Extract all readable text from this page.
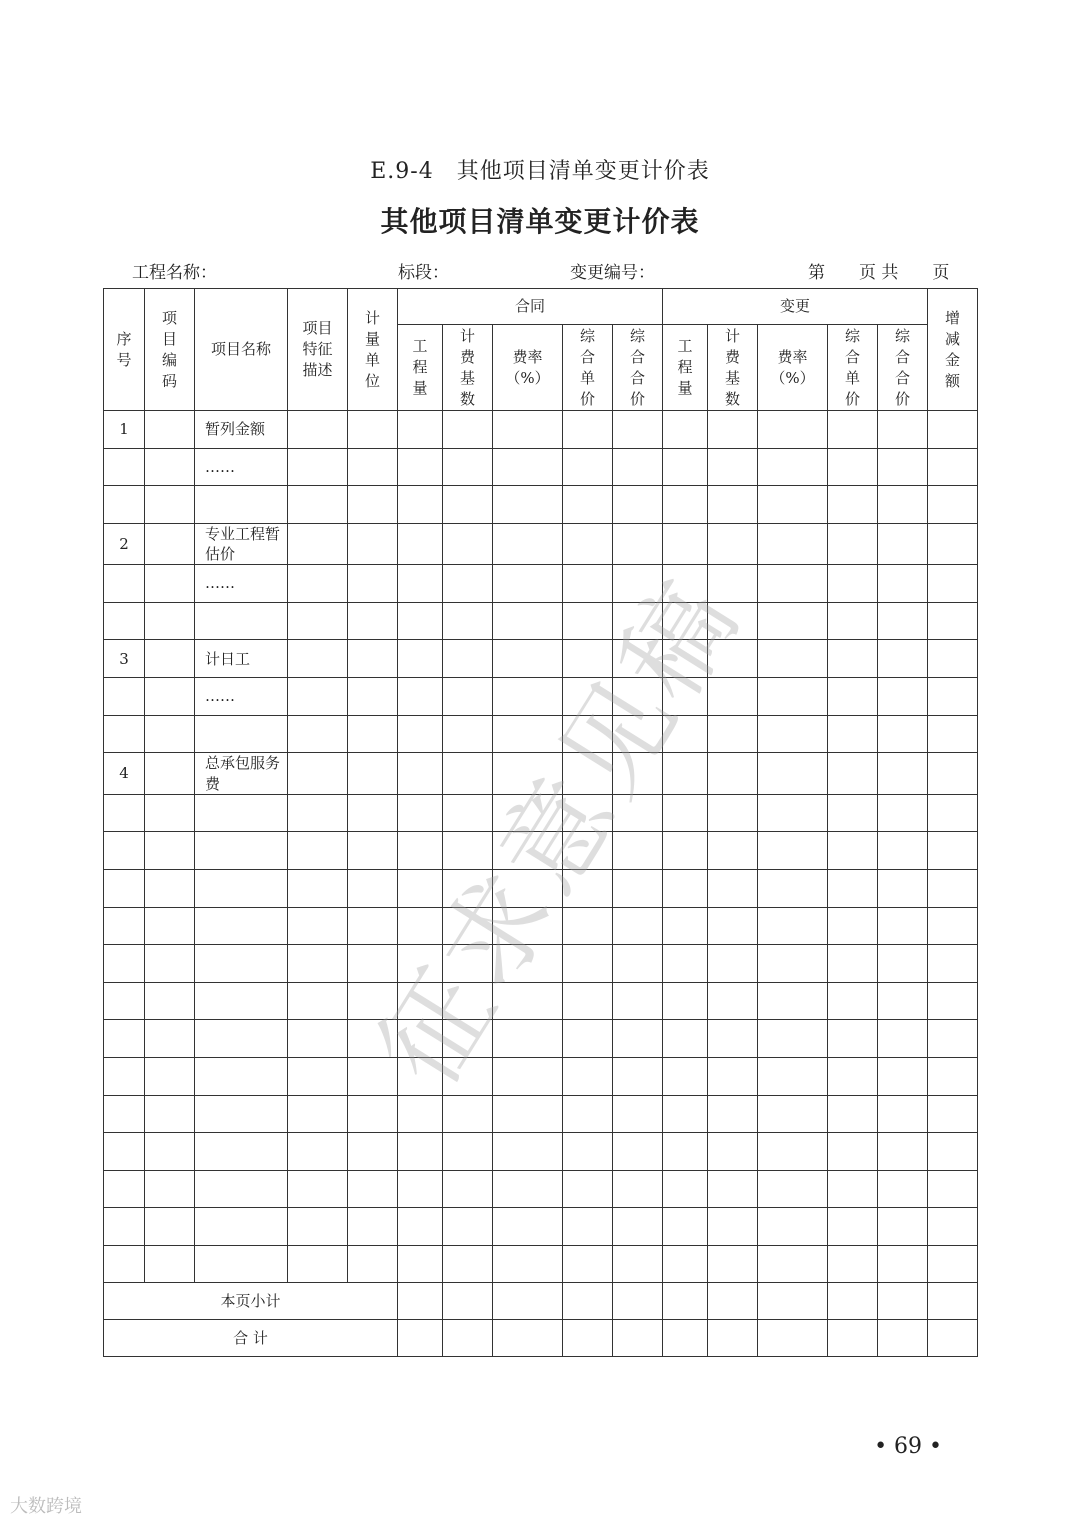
E.9-4　其他项目清单变更计价表
其他项目清单变更计价表
工程名称：	标段：	变更编号：	第　　页 共　　页
序号	项目编码	项目名称	项目特征描述	计量单位	合同					变更					增减金额
					工程量	计费基数	费率（%）	综合单价	综合合价	工程量	计费基数	费率（%）	综合单价	综合合价	
1		暂列金额													
		……													

2		专业工程暂估价													
		……													

3		计日工													
		……													

4		总承包服务费													

本页小计															
合 计															
征求意见稿
• 69 •
大数跨境
